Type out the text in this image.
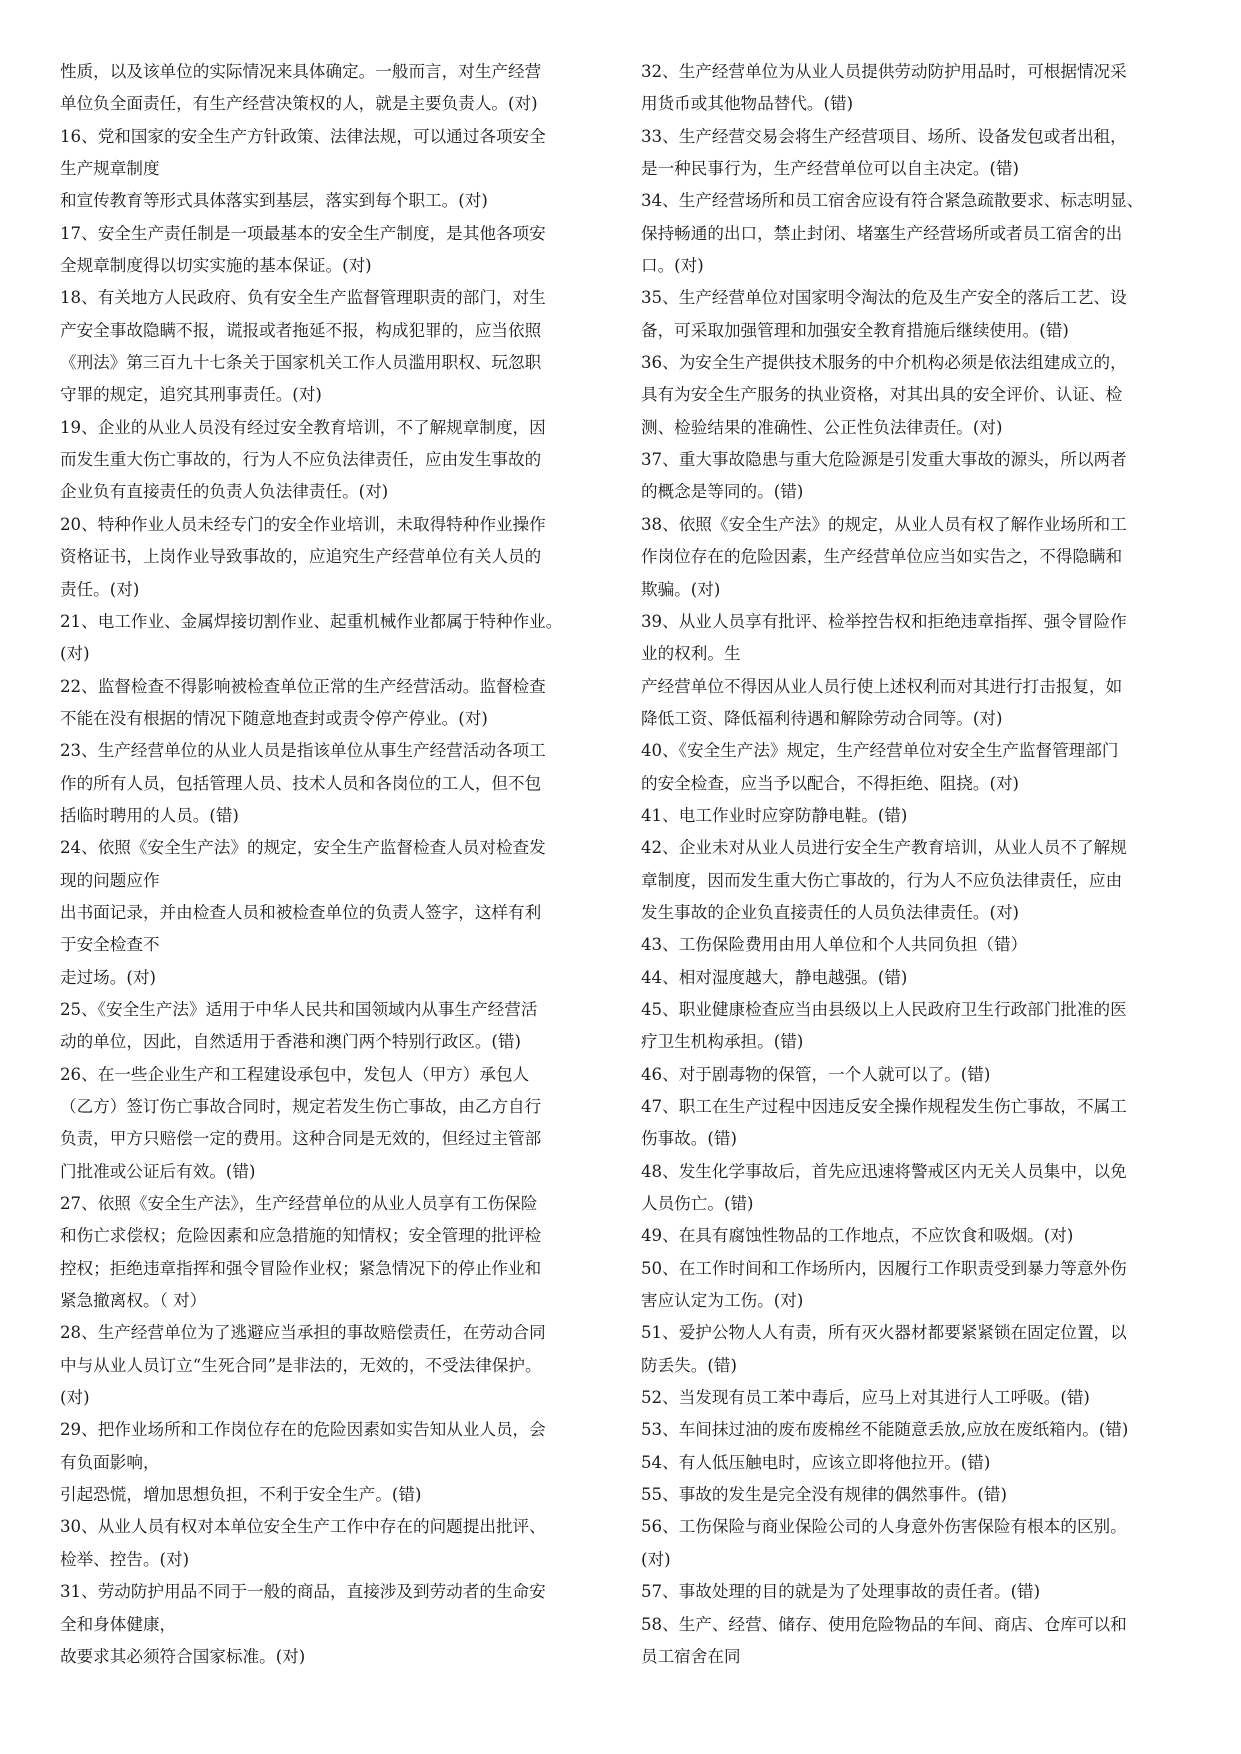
性质，以及该单位的实际情况来具体确定。一般而言，对生产经营
单位负全面责任，有生产经营决策权的人，就是主要负责人。(对)
16、党和国家的安全生产方针政策、法律法规，可以通过各项安全
生产规章制度
和宣传教育等形式具体落实到基层，落实到每个职工。(对)
17、安全生产责任制是一项最基本的安全生产制度，是其他各项安
全规章制度得以切实实施的基本保证。(对)
18、有关地方人民政府、负有安全生产监督管理职责的部门，对生
产安全事故隐瞒不报，谎报或者拖延不报，构成犯罪的，应当依照
《刑法》第三百九十七条关于国家机关工作人员滥用职权、玩忽职
守罪的规定，追究其刑事责任。(对)
19、企业的从业人员没有经过安全教育培训，不了解规章制度，因
而发生重大伤亡事故的，行为人不应负法律责任，应由发生事故的
企业负有直接责任的负责人负法律责任。(对)
20、特种作业人员未经专门的安全作业培训，未取得特种作业操作
资格证书，上岗作业导致事故的，应追究生产经营单位有关人员的
责任。(对)
21、电工作业、金属焊接切割作业、起重机械作业都属于特种作业。
(对)
22、监督检查不得影响被检查单位正常的生产经营活动。监督检查
不能在没有根据的情况下随意地查封或责令停产停业。(对)
23、生产经营单位的从业人员是指该单位从事生产经营活动各项工
作的所有人员，包括管理人员、技术人员和各岗位的工人，但不包
括临时聘用的人员。(错)
24、依照《安全生产法》的规定，安全生产监督检查人员对检查发
现的问题应作
出书面记录，并由检查人员和被检查单位的负责人签字，这样有利
于安全检查不
走过场。(对)
25、《安全生产法》适用于中华人民共和国领域内从事生产经营活
动的单位，因此，自然适用于香港和澳门两个特别行政区。(错)
26、在一些企业生产和工程建设承包中，发包人（甲方）承包人
（乙方）签订伤亡事故合同时，规定若发生伤亡事故，由乙方自行
负责，甲方只赔偿一定的费用。这种合同是无效的，但经过主管部
门批准或公证后有效。(错)
27、依照《安全生产法》，生产经营单位的从业人员享有工伤保险
和伤亡求偿权；危险因素和应急措施的知情权；安全管理的批评检
控权；拒绝违章指挥和强令冒险作业权；紧急情况下的停止作业和
紧急撤离权。（ 对）
28、生产经营单位为了逃避应当承担的事故赔偿责任，在劳动合同
中与从业人员订立“生死合同”是非法的，无效的，不受法律保护。
(对)
29、把作业场所和工作岗位存在的危险因素如实告知从业人员，会
有负面影响，
引起恐慌，增加思想负担，不利于安全生产。(错)
30、从业人员有权对本单位安全生产工作中存在的问题提出批评、
检举、控告。(对)
31、劳动防护用品不同于一般的商品，直接涉及到劳动者的生命安
全和身体健康，
故要求其必须符合国家标准。(对)
32、生产经营单位为从业人员提供劳动防护用品时，可根据情况采
用货币或其他物品替代。(错)
33、生产经营交易会将生产经营项目、场所、设备发包或者出租，
是一种民事行为，生产经营单位可以自主决定。(错)
34、生产经营场所和员工宿舍应设有符合紧急疏散要求、标志明显、
保持畅通的出口，禁止封闭、堵塞生产经营场所或者员工宿舍的出
口。(对)
35、生产经营单位对国家明令淘汰的危及生产安全的落后工艺、设
备，可采取加强管理和加强安全教育措施后继续使用。(错)
36、为安全生产提供技术服务的中介机构必须是依法组建成立的，
具有为安全生产服务的执业资格，对其出具的安全评价、认证、检
测、检验结果的准确性、公正性负法律责任。(对)
37、重大事故隐患与重大危险源是引发重大事故的源头，所以两者
的概念是等同的。(错)
38、依照《安全生产法》的规定，从业人员有权了解作业场所和工
作岗位存在的危险因素，生产经营单位应当如实告之，不得隐瞒和
欺骗。(对)
39、从业人员享有批评、检举控告权和拒绝违章指挥、强令冒险作
业的权利。生
产经营单位不得因从业人员行使上述权利而对其进行打击报复，如
降低工资、降低福利待遇和解除劳动合同等。(对)
40、《安全生产法》规定，生产经营单位对安全生产监督管理部门
的安全检查，应当予以配合，不得拒绝、阻挠。(对)
41、电工作业时应穿防静电鞋。(错)
42、企业未对从业人员进行安全生产教育培训，从业人员不了解规
章制度，因而发生重大伤亡事故的，行为人不应负法律责任，应由
发生事故的企业负直接责任的人员负法律责任。(对)
43、工伤保险费用由用人单位和个人共同负担（错）
44、相对湿度越大，静电越强。(错)
45、职业健康检查应当由县级以上人民政府卫生行政部门批准的医
疗卫生机构承担。(错)
46、对于剧毒物的保管，一个人就可以了。(错)
47、职工在生产过程中因违反安全操作规程发生伤亡事故，不属工
伤事故。(错)
48、发生化学事故后，首先应迅速将警戒区内无关人员集中，以免
人员伤亡。(错)
49、在具有腐蚀性物品的工作地点，不应饮食和吸烟。(对)
50、在工作时间和工作场所内，因履行工作职责受到暴力等意外伤
害应认定为工伤。(对)
51、爱护公物人人有责，所有灭火器材都要紧紧锁在固定位置，以
防丢失。(错)
52、当发现有员工苯中毒后，应马上对其进行人工呼吸。(错)
53、车间抹过油的废布废棉丝不能随意丢放,应放在废纸箱内。(错)
54、有人低压触电时，应该立即将他拉开。(错)
55、事故的发生是完全没有规律的偶然事件。(错)
56、工伤保险与商业保险公司的人身意外伤害保险有根本的区别。
(对)
57、事故处理的目的就是为了处理事故的责任者。(错)
58、生产、经营、储存、使用危险物品的车间、商店、仓库可以和
员工宿舍在同
